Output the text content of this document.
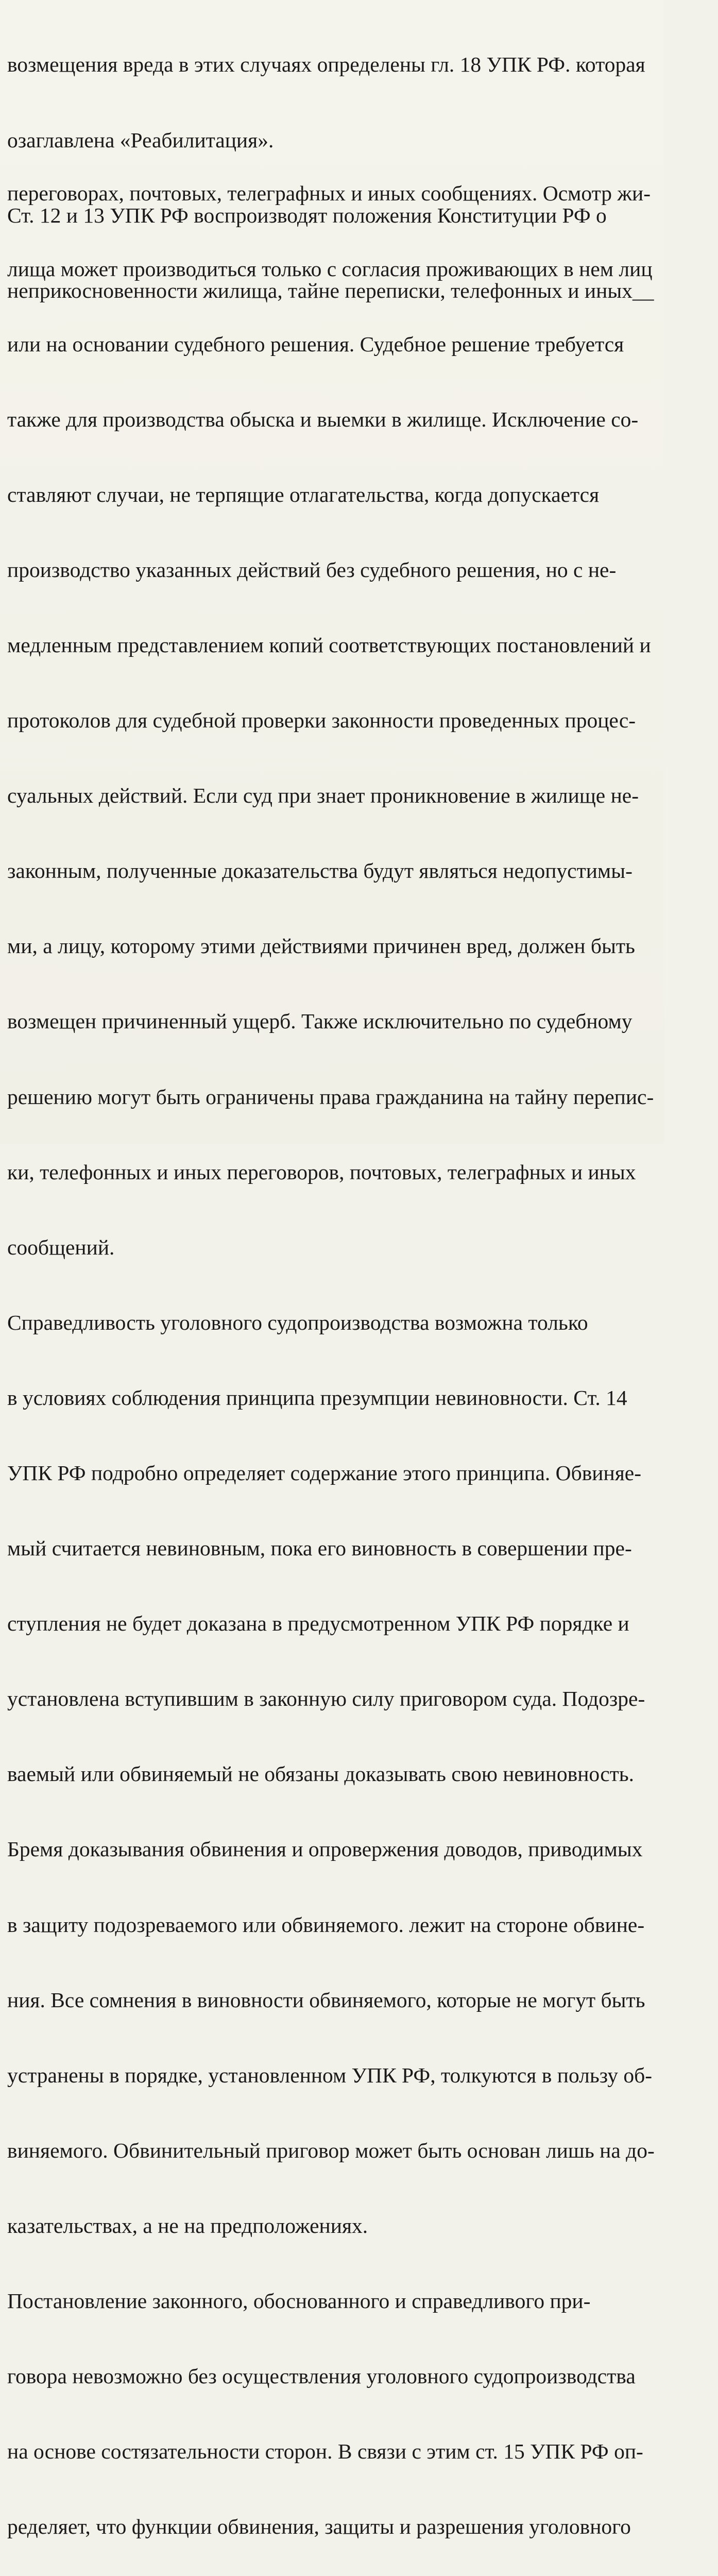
возмещения вреда в этих случаях определены гл. 18 УПК РФ. которая

озаглавлена «Реабилитация».

Ст. 12 и 13 УПК РФ воспроизводят положения Конституции РФ о

неприкосновенности жилища, тайне переписки, телефонных и иных__

переговорах, почтовых, телеграфных и иных сообщениях. Осмотр жи-

лища может производиться только с согласия проживающих в нем лиц

или на основании судебного решения. Судебное решение требуется

также для производства обыска и выемки в жилище. Исключение со-

ставляют случаи, не терпящие отлагательства, когда допускается

производство указанных действий без судебного решения, но с не-

медленным представлением копий соответствующих постановлений и

протоколов для судебной проверки законности проведенных процес-

суальных действий. Если суд при знает проникновение в жилище не-

законным, полученные доказательства будут являться недопустимы-

ми, а лицу, которому этими действиями причинен вред, должен быть

возмещен причиненный ущерб. Также исключительно по судебному

решению могут быть ограничены права гражданина на тайну перепис-

ки, телефонных и иных переговоров, почтовых, телеграфных и иных

сообщений.

Справедливость уголовного судопроизводства возможна только

в условиях соблюдения принципа презумпции невиновности. Ст. 14

УПК РФ подробно определяет содержание этого принципа. Обвиняе-

мый считается невиновным, пока его виновность в совершении пре-

ступления не будет доказана в предусмотренном УПК РФ порядке и

установлена вступившим в законную силу приговором суда. Подозре-

ваемый или обвиняемый не обязаны доказывать свою невиновность.

Бремя доказывания обвинения и опровержения доводов, приводимых

в защиту подозреваемого или обвиняемого. лежит на стороне обвине-

ния. Все сомнения в виновности обвиняемого, которые не могут быть

устранены в порядке, установленном УПК РФ, толкуются в пользу об-

виняемого. Обвинительный приговор может быть основан лишь на до-

казательствах, а не на предположениях.

Постановление законного, обоснованного и справедливого при-

говора невозможно без осуществления уголовного судопроизводства

на основе состязательности сторон. В связи с этим ст. 15 УПК РФ оп-

ределяет, что функции обвинения, защиты и разрешения уголовного
